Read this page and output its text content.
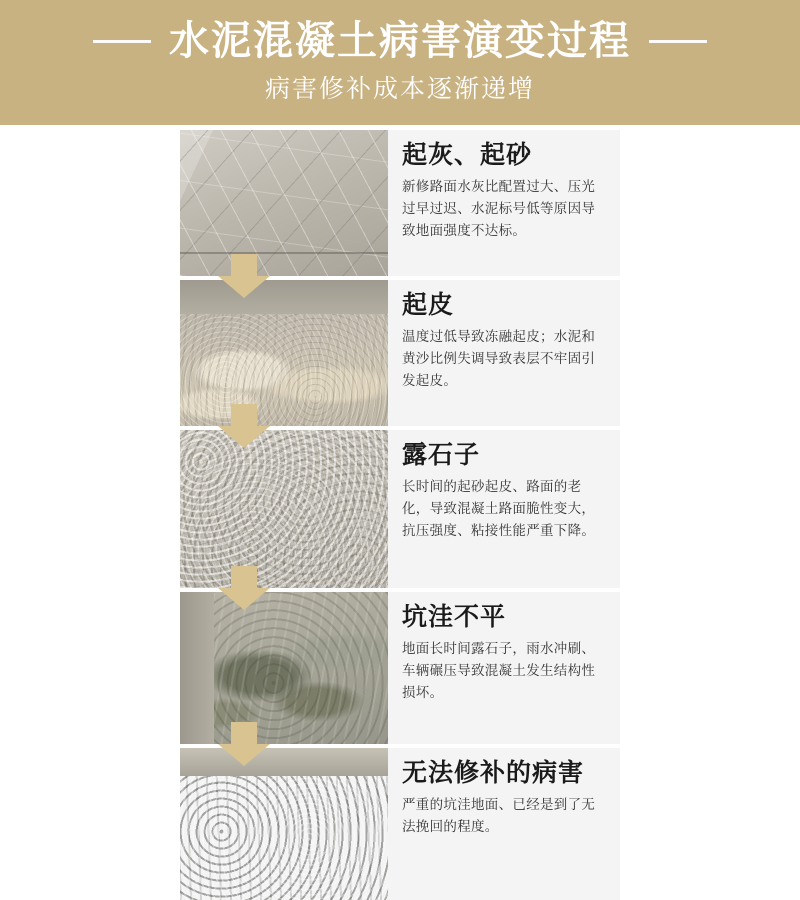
水泥混凝土病害演变过程
病害修补成本逐渐递增
起灰、起砂
新修路面水灰比配置过大、压光过早过迟、水泥标号低等原因导致地面强度不达标。
起皮
温度过低导致冻融起皮；水泥和黄沙比例失调导致表层不牢固引发起皮。
露石子
长时间的起砂起皮、路面的老化，导致混凝土路面脆性变大，抗压强度、粘接性能严重下降。
坑洼不平
地面长时间露石子，雨水冲刷、车辆碾压导致混凝土发生结构性损坏。
无法修补的病害
严重的坑洼地面、已经是到了无法挽回的程度。
